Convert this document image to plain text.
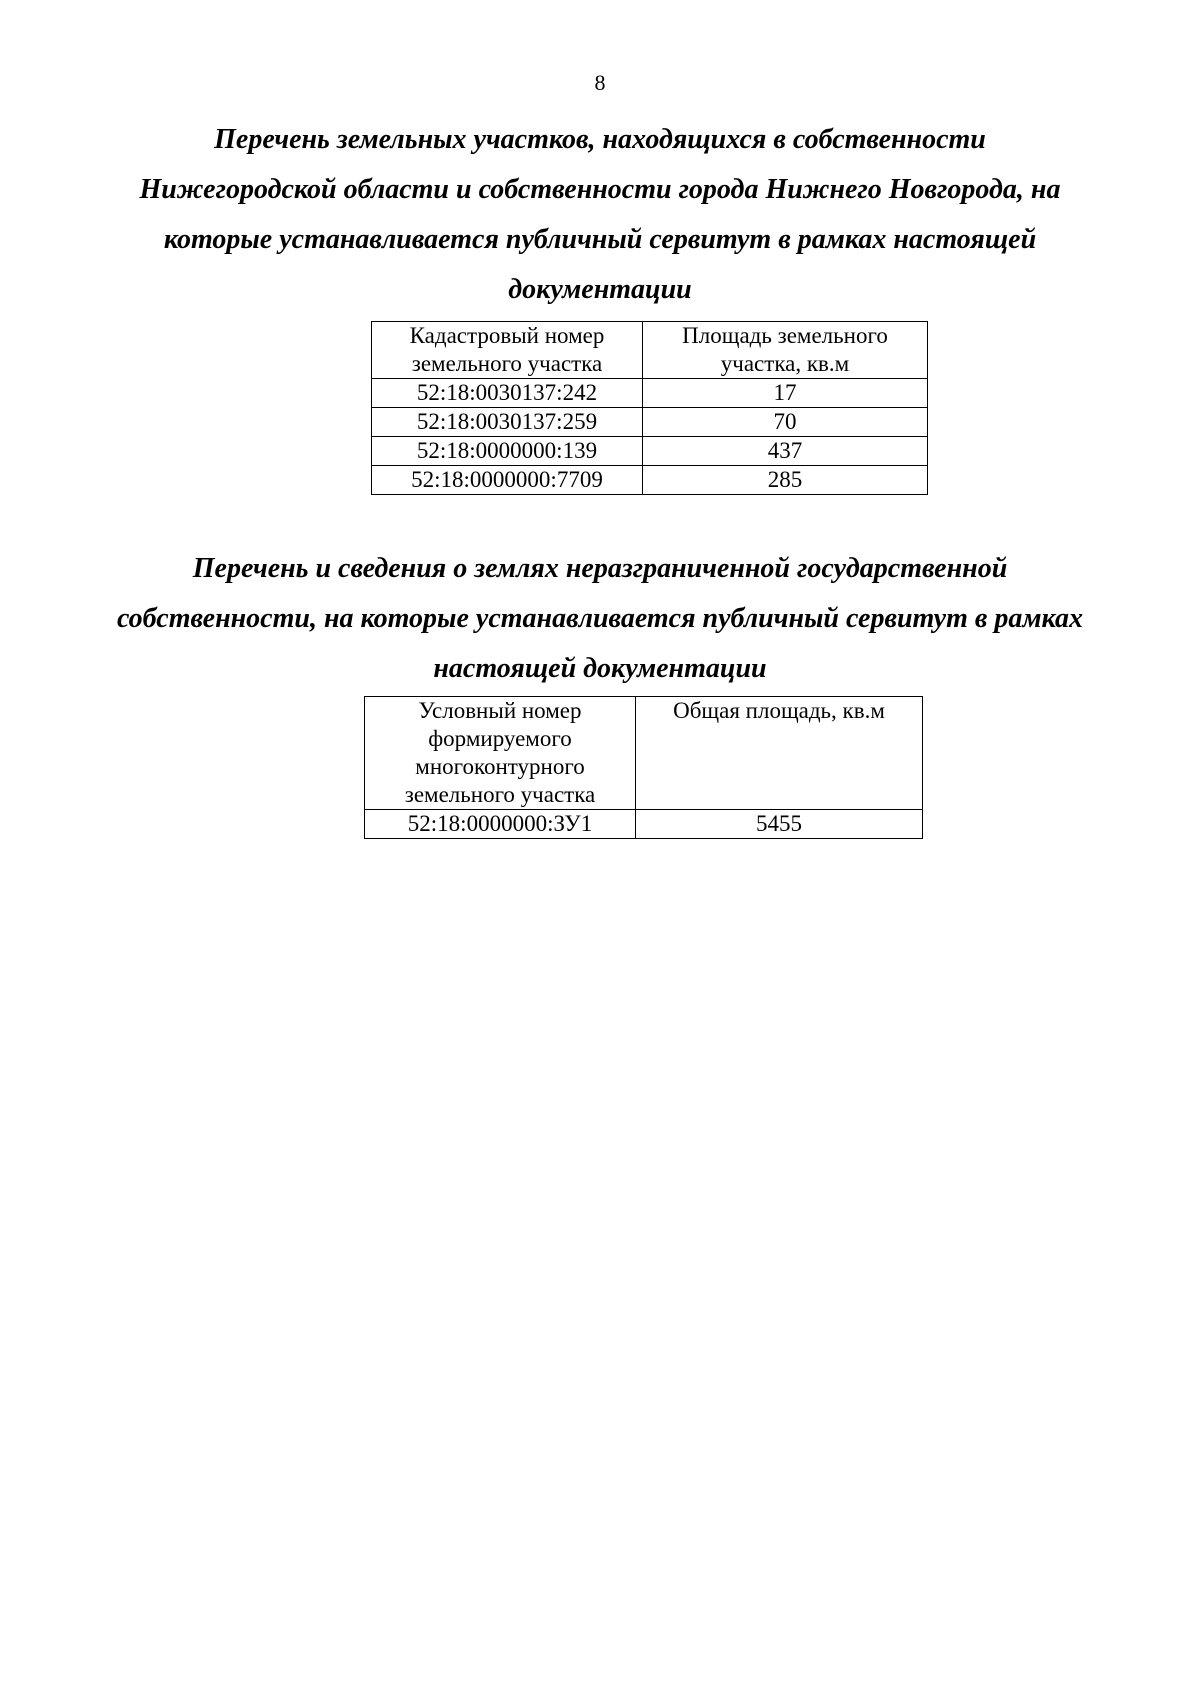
8
Перечень земельных участков, находящихся в собственности
Нижегородской области и собственности города Нижнего Новгорода, на
которые устанавливается публичный сервитут в рамках настоящей
документации
Кадастровый номер земельного участка	Площадь земельного участка, кв.м
52:18:0030137:242	17
52:18:0030137:259	70
52:18:0000000:139	437
52:18:0000000:7709	285
Перечень и сведения о землях неразграниченной государственной
собственности, на которые устанавливается публичный сервитут в рамках
настоящей документации
Условный номер формируемого многоконтурного земельного участка	Общая площадь, кв.м
52:18:0000000:ЗУ1	5455
